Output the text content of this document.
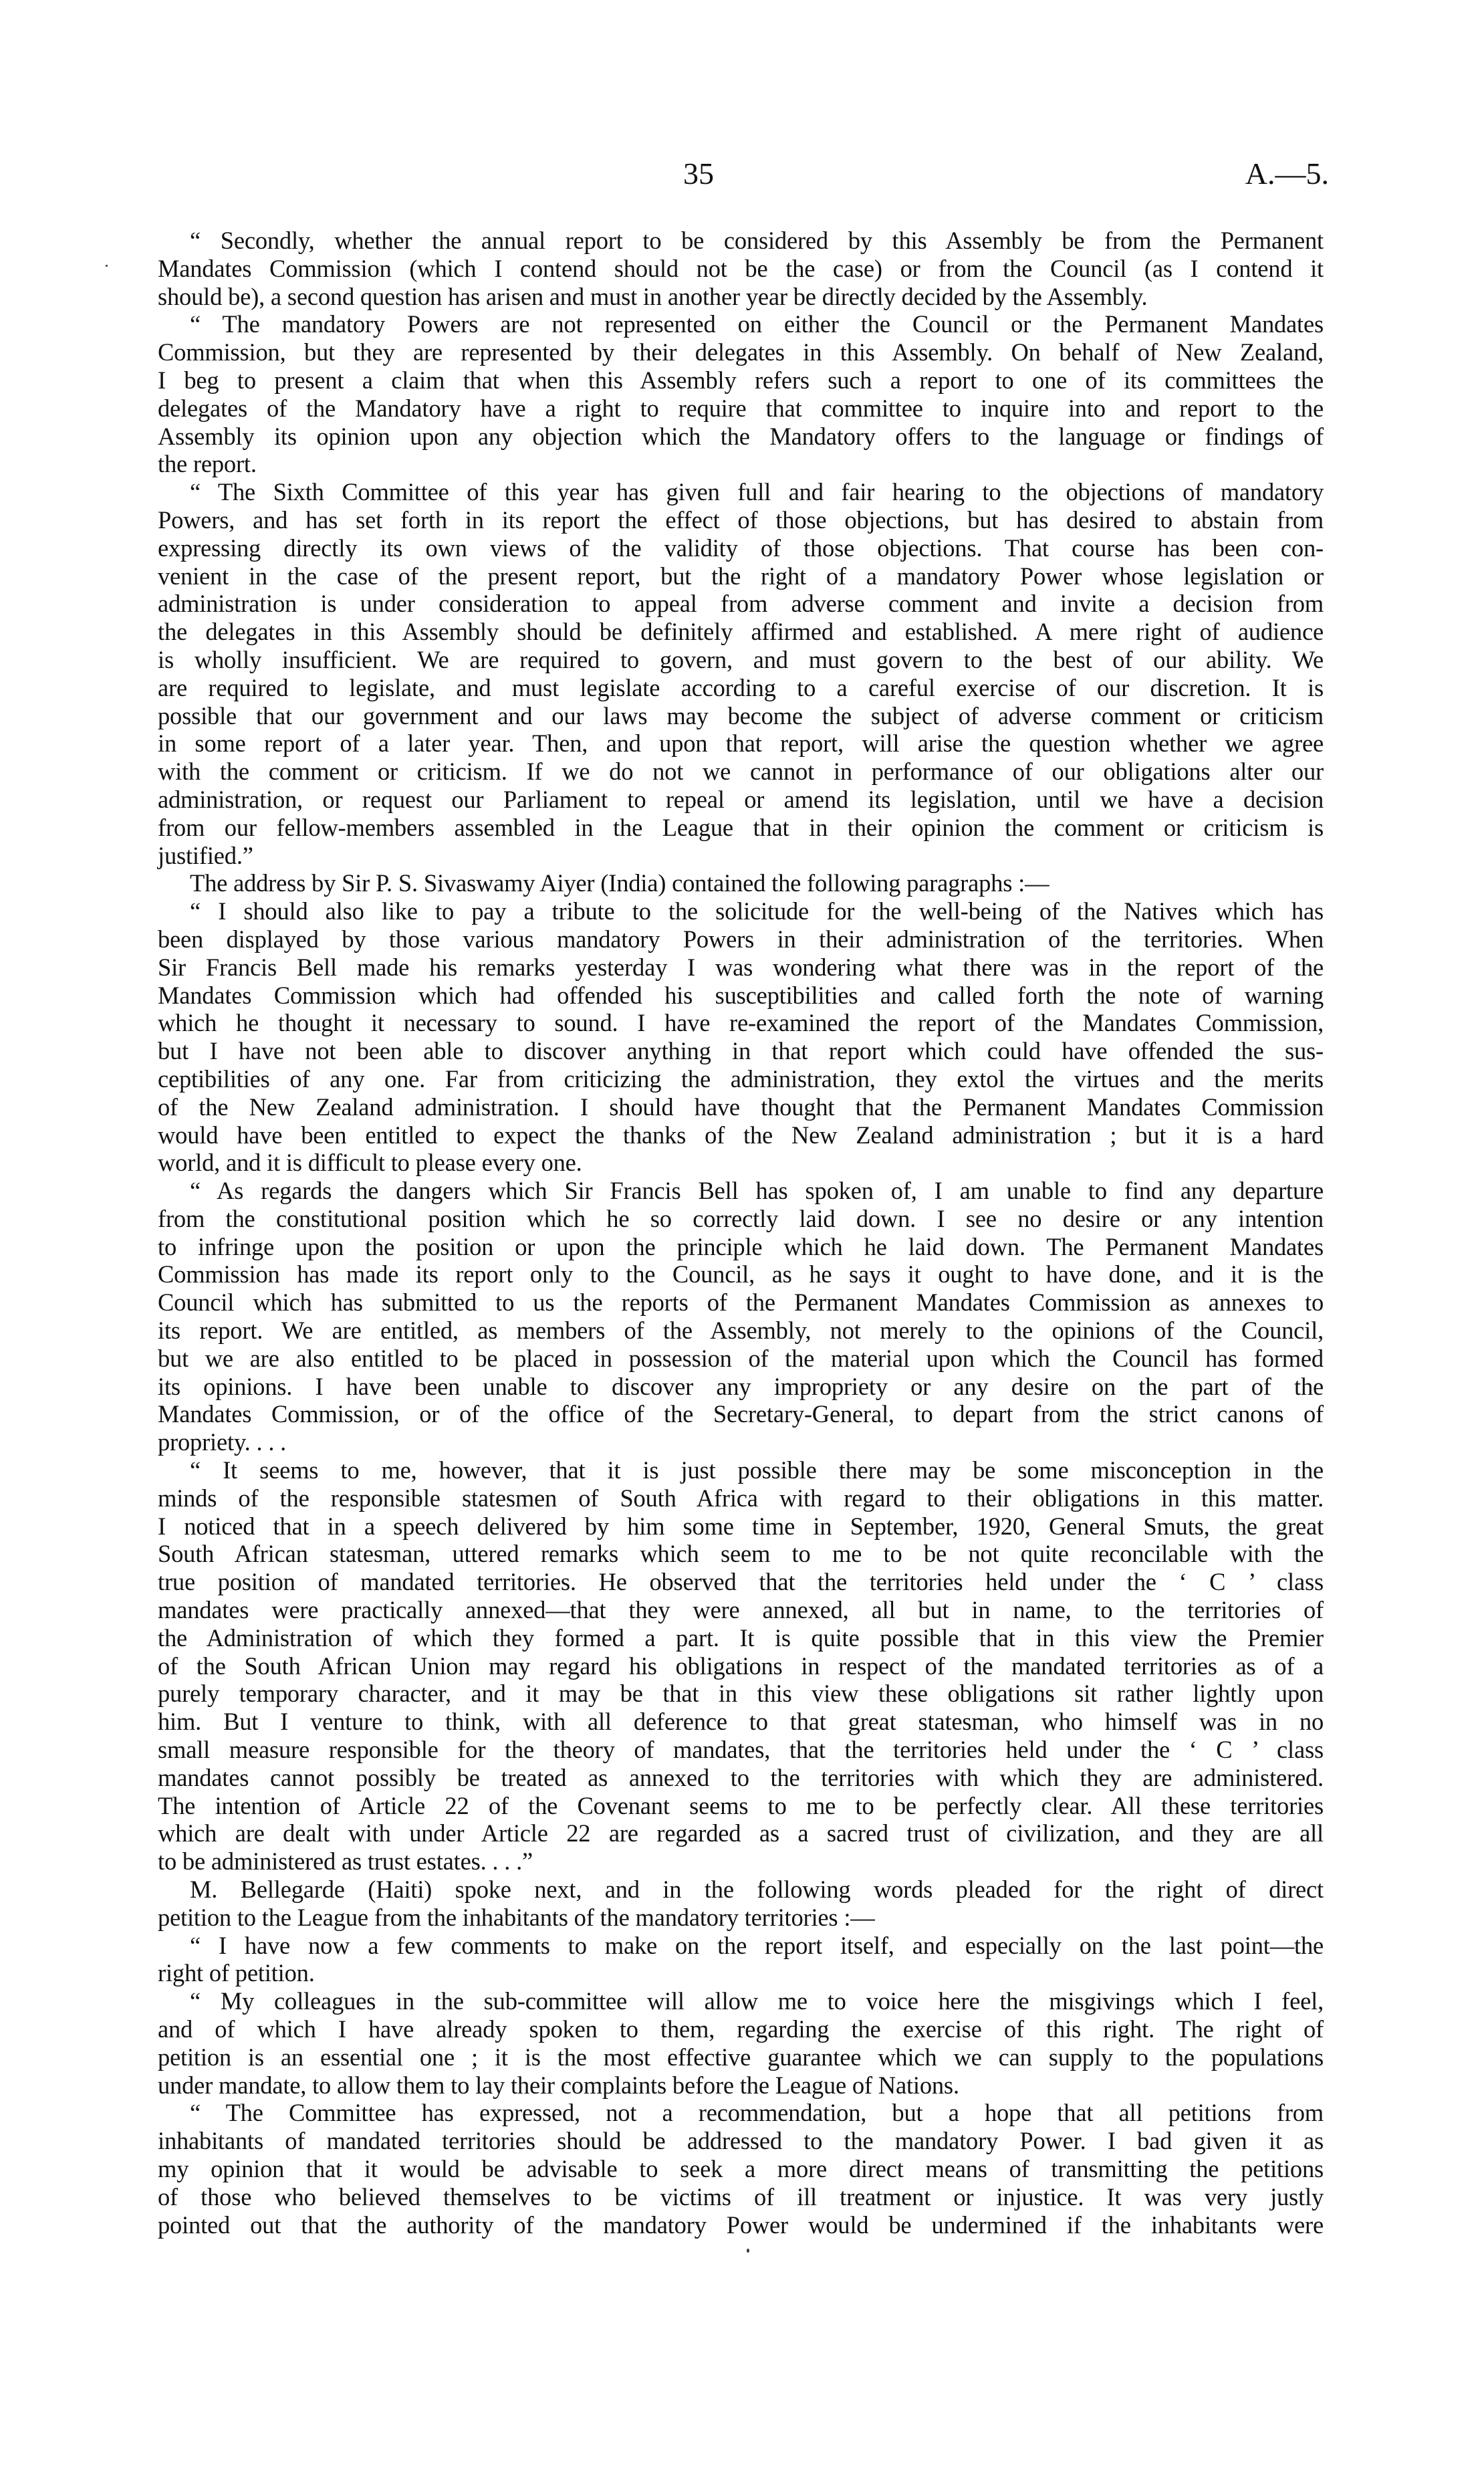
35	A.—5.
“ Secondly, whether the annual report to be considered by this Assembly be from the Permanent
Mandates Commission (which I contend should not be the case) or from the Council (as I contend it
should be), a second question has arisen and must in another year be directly decided by the Assembly.
“ The mandatory Powers are not represented on either the Council or the Permanent Mandates
Commission, but they are represented by their delegates in this Assembly. On behalf of New Zealand,
I beg to present a claim that when this Assembly refers such a report to one of its committees the
delegates of the Mandatory have a right to require that committee to inquire into and report to the
Assembly its opinion upon any objection which the Mandatory offers to the language or findings of
the report.
“ The Sixth Committee of this year has given full and fair hearing to the objections of mandatory
Powers, and has set forth in its report the effect of those objections, but has desired to abstain from
expressing directly its own views of the validity of those objections. That course has been con-
venient in the case of the present report, but the right of a mandatory Power whose legislation or
administration is under consideration to appeal from adverse comment and invite a decision from
the delegates in this Assembly should be definitely affirmed and established. A mere right of audience
is wholly insufficient. We are required to govern, and must govern to the best of our ability. We
are required to legislate, and must legislate according to a careful exercise of our discretion. It is
possible that our government and our laws may become the subject of adverse comment or criticism
in some report of a later year. Then, and upon that report, will arise the question whether we agree
with the comment or criticism. If we do not we cannot in performance of our obligations alter our
administration, or request our Parliament to repeal or amend its legislation, until we have a decision
from our fellow-members assembled in the League that in their opinion the comment or criticism is
justified.”
The address by Sir P. S. Sivaswamy Aiyer (India) contained the following paragraphs :—
“ I should also like to pay a tribute to the solicitude for the well-being of the Natives which has
been displayed by those various mandatory Powers in their administration of the territories. When
Sir Francis Bell made his remarks yesterday I was wondering what there was in the report of the
Mandates Commission which had offended his susceptibilities and called forth the note of warning
which he thought it necessary to sound. I have re-examined the report of the Mandates Commission,
but I have not been able to discover anything in that report which could have offended the sus-
ceptibilities of any one. Far from criticizing the administration, they extol the virtues and the merits
of the New Zealand administration. I should have thought that the Permanent Mandates Commission
would have been entitled to expect the thanks of the New Zealand administration ; but it is a hard
world, and it is difficult to please every one.
“ As regards the dangers which Sir Francis Bell has spoken of, I am unable to find any departure
from the constitutional position which he so correctly laid down. I see no desire or any intention
to infringe upon the position or upon the principle which he laid down. The Permanent Mandates
Commission has made its report only to the Council, as he says it ought to have done, and it is the
Council which has submitted to us the reports of the Permanent Mandates Commission as annexes to
its report. We are entitled, as members of the Assembly, not merely to the opinions of the Council,
but we are also entitled to be placed in possession of the material upon which the Council has formed
its opinions. I have been unable to discover any impropriety or any desire on the part of the
Mandates Commission, or of the office of the Secretary-General, to depart from the strict canons of
propriety. . . .
“ It seems to me, however, that it is just possible there may be some misconception in the
minds of the responsible statesmen of South Africa with regard to their obligations in this matter.
I noticed that in a speech delivered by him some time in September, 1920, General Smuts, the great
South African statesman, uttered remarks which seem to me to be not quite reconcilable with the
true position of mandated territories. He observed that the territories held under the ‘ C ’ class
mandates were practically annexed—that they were annexed, all but in name, to the territories of
the Administration of which they formed a part. It is quite possible that in this view the Premier
of the South African Union may regard his obligations in respect of the mandated territories as of a
purely temporary character, and it may be that in this view these obligations sit rather lightly upon
him. But I venture to think, with all deference to that great statesman, who himself was in no
small measure responsible for the theory of mandates, that the territories held under the ‘ C ’ class
mandates cannot possibly be treated as annexed to the territories with which they are administered.
The intention of Article 22 of the Covenant seems to me to be perfectly clear. All these territories
which are dealt with under Article 22 are regarded as a sacred trust of civilization, and they are all
to be administered as trust estates. . . .”
M. Bellegarde (Haiti) spoke next, and in the following words pleaded for the right of direct
petition to the League from the inhabitants of the mandatory territories :—
“ I have now a few comments to make on the report itself, and especially on the last point—the
right of petition.
“ My colleagues in the sub-committee will allow me to voice here the misgivings which I feel,
and of which I have already spoken to them, regarding the exercise of this right. The right of
petition is an essential one ; it is the most effective guarantee which we can supply to the populations
under mandate, to allow them to lay their complaints before the League of Nations.
“ The Committee has expressed, not a recommendation, but a hope that all petitions from
inhabitants of mandated territories should be addressed to the mandatory Power. I bad given it as
my opinion that it would be advisable to seek a more direct means of transmitting the petitions
of those who believed themselves to be victims of ill treatment or injustice. It was very justly
pointed out that the authority of the mandatory Power would be undermined if the inhabitants were
